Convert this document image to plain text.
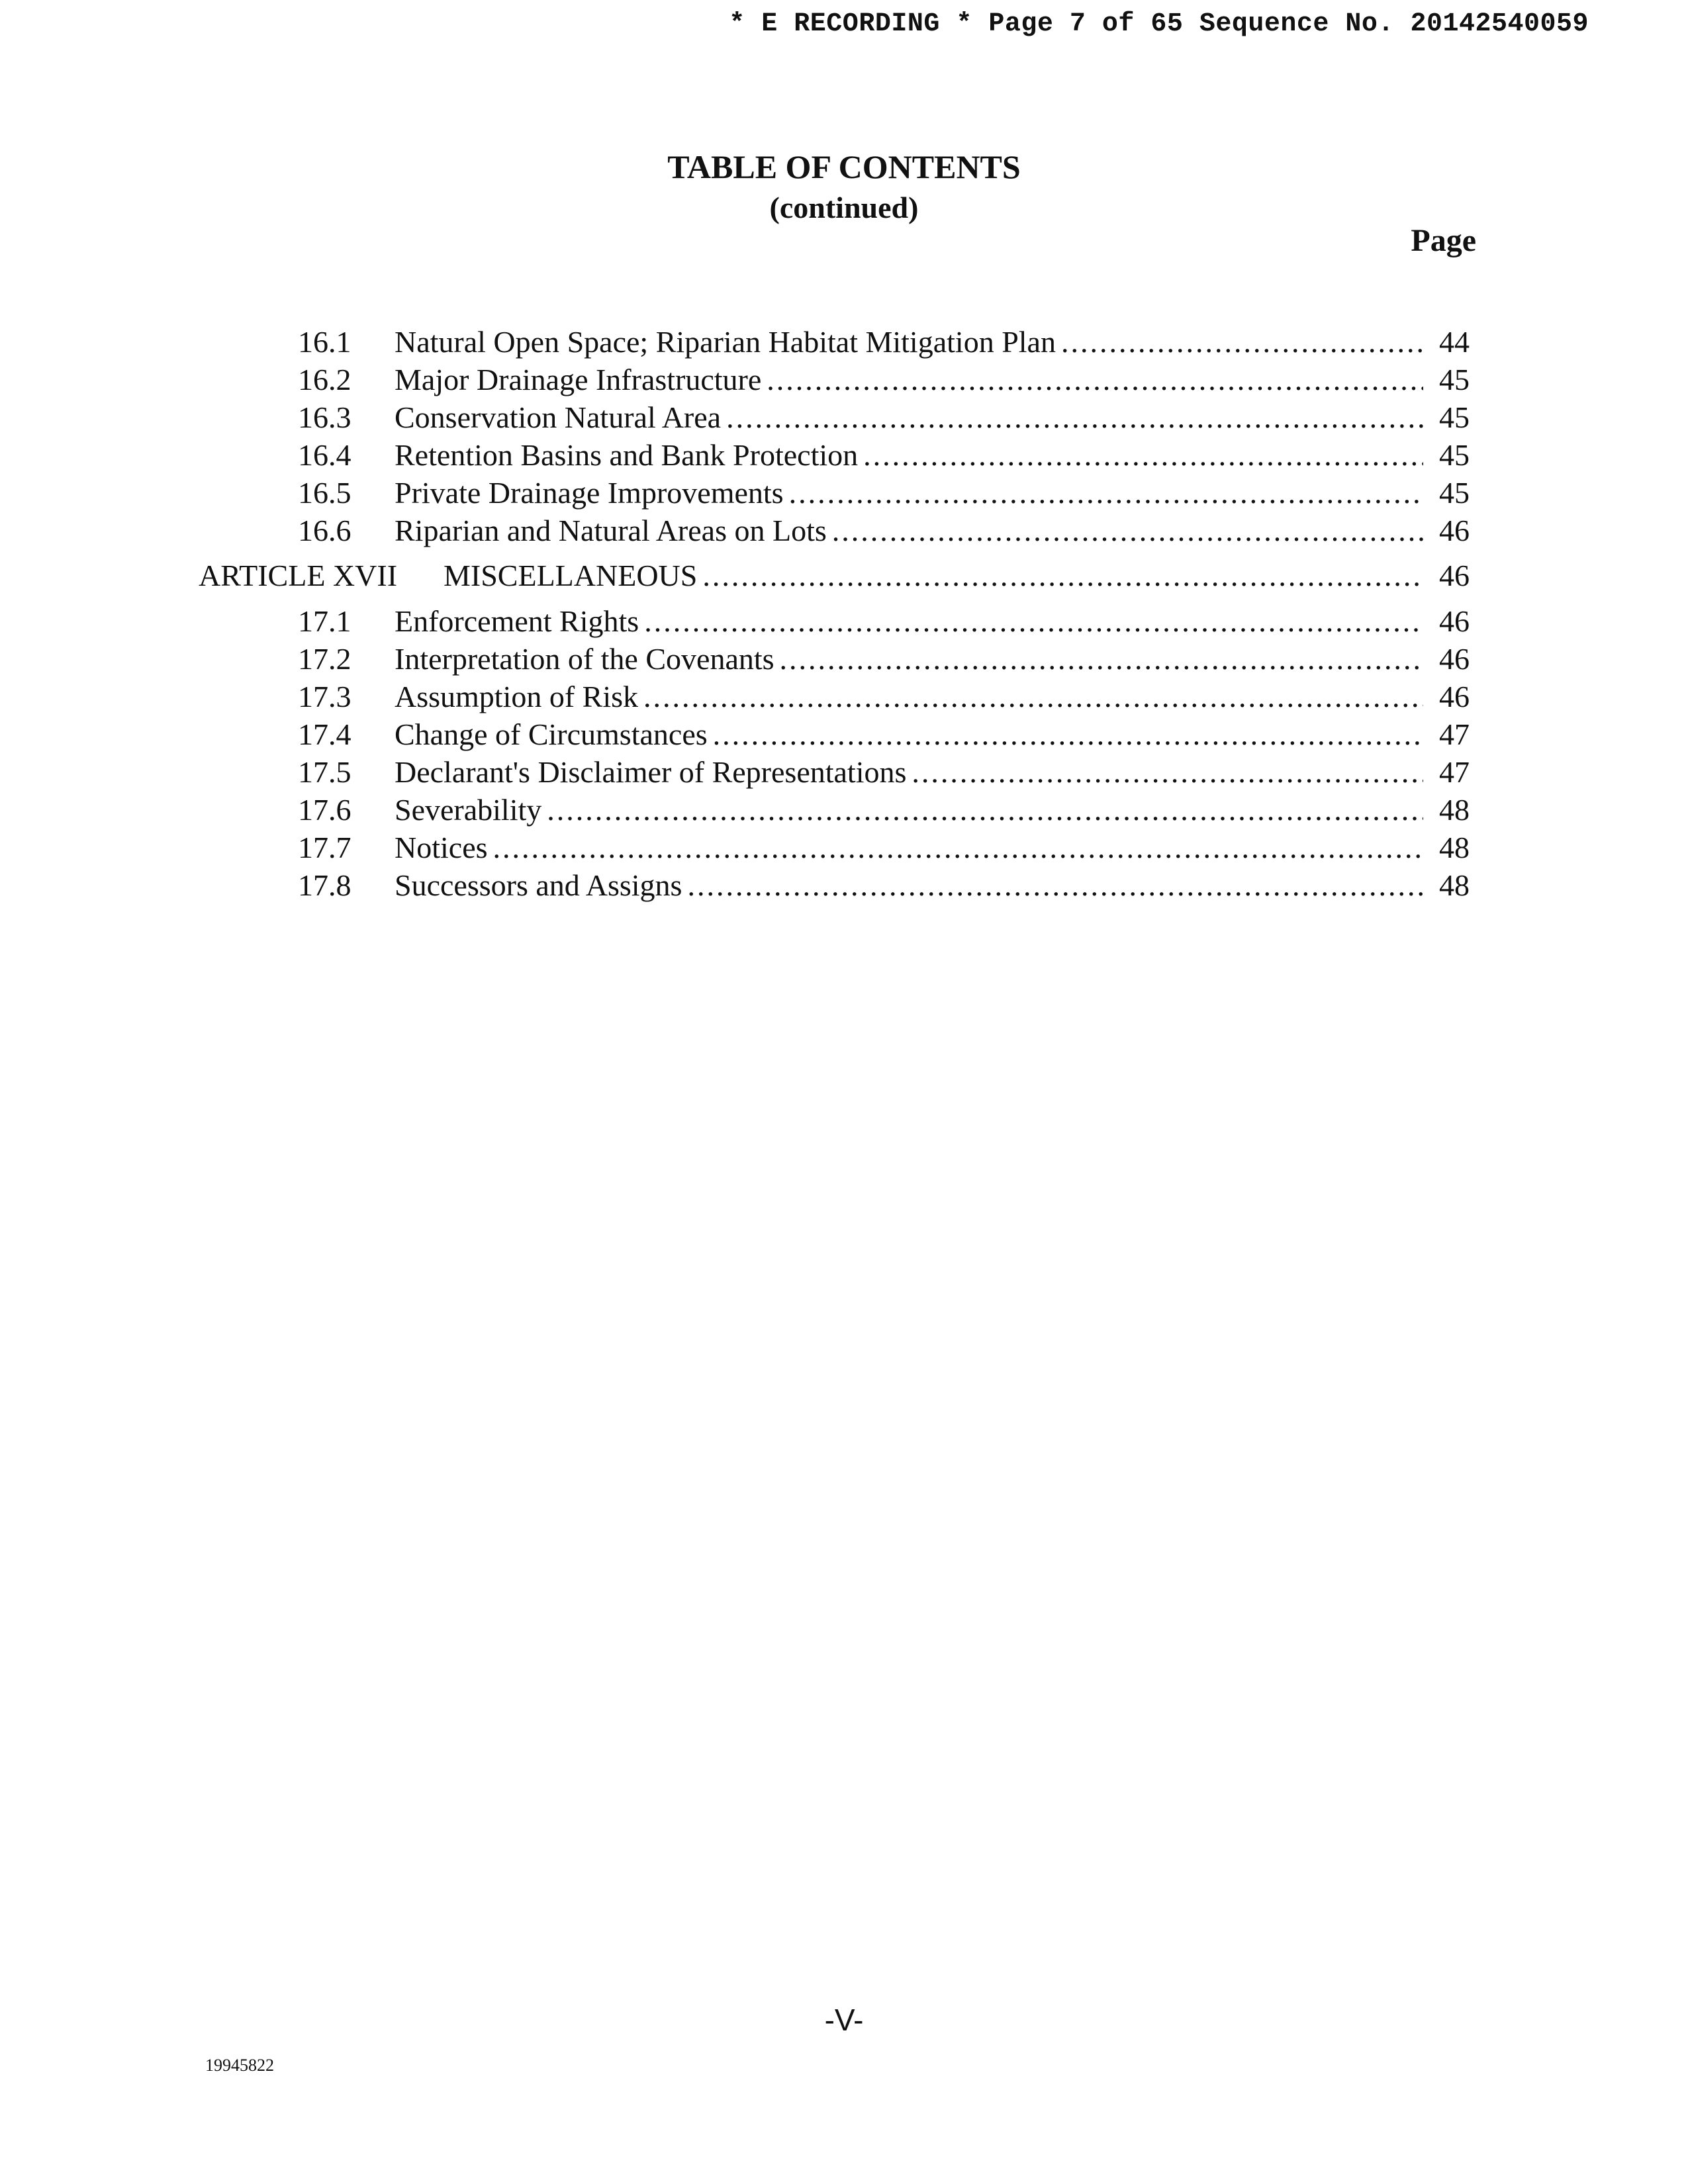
* E RECORDING * Page 7 of 65 Sequence No. 20142540059
TABLE OF CONTENTS
(continued)
Page
16.1 Natural Open Space; Riparian Habitat Mitigation Plan .....	44
16.2 Major Drainage Infrastructure .....	45
16.3 Conservation Natural Area .....	45
16.4 Retention Basins and Bank Protection .....	45
16.5 Private Drainage Improvements .....	45
16.6 Riparian and Natural Areas on Lots .....	46
ARTICLE XVII MISCELLANEOUS .....	46
17.1 Enforcement Rights .....	46
17.2 Interpretation of the Covenants .....	46
17.3 Assumption of Risk .....	46
17.4 Change of Circumstances .....	47
17.5 Declarant's Disclaimer of Representations .....	47
17.6 Severability .....	48
17.7 Notices .....	48
17.8 Successors and Assigns .....	48
-V-
19945822
